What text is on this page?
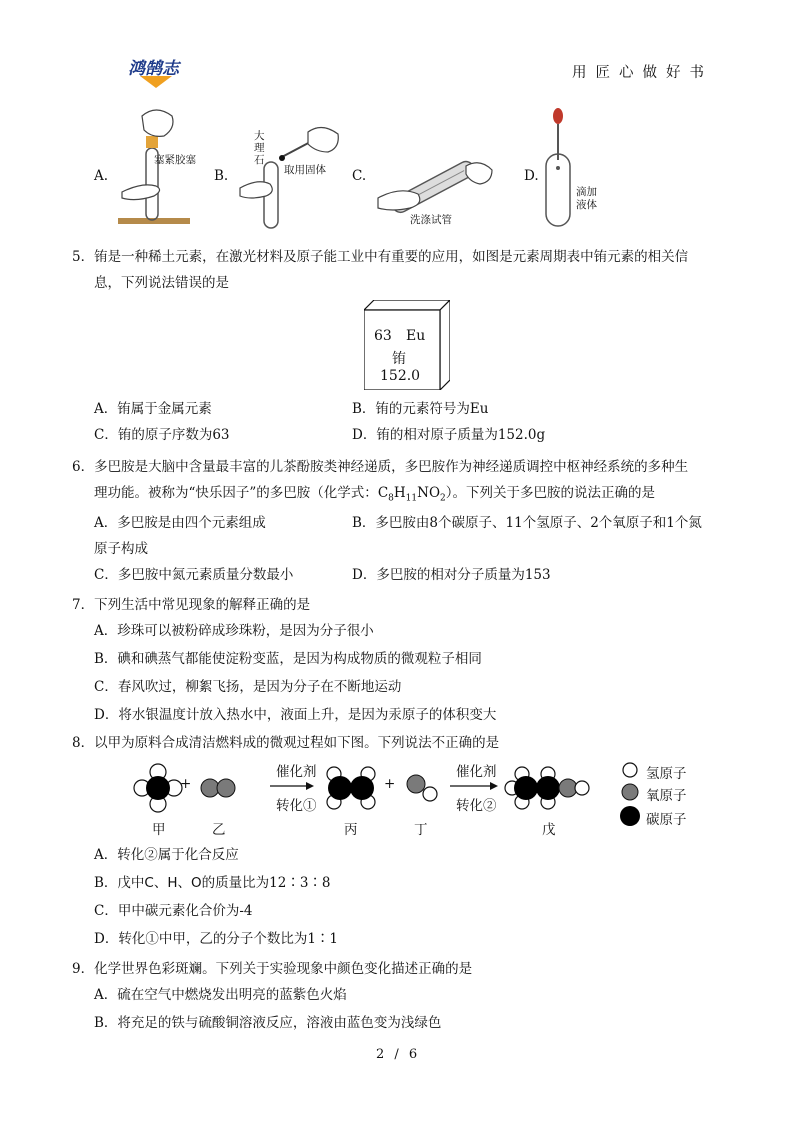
鸿鹄志	用匠心做好书
A.
塞紧胶塞
B.
大理石
取用固体 C.
洗涤试管
D.
滴加液体
5．铕是一种稀土元素，在激光材料及原子能工业中有重要的应用，如图是元素周期表中铕元素的相关信
息，下列说法错误的是
63 Eu
铕
152.0
A．铕属于金属元素	B．铕的元素符号为Eu
C．铕的原子序数为63	D．铕的相对原子质量为152.0g
6．多巴胺是大脑中含量最丰富的儿茶酚胺类神经递质，多巴胺作为神经递质调控中枢神经系统的多种生
理功能。被称为“快乐因子”的多巴胺（化学式：$C_8H_{11}NO_2$）。下列关于多巴胺的说法正确的是
A．多巴胺是由四个元素组成	B．多巴胺由8个碳原子、11个氢原子、2个氧原子和1个氮
原子构成
C．多巴胺中氮元素质量分数最小	D．多巴胺的相对分子质量为153
7．下列生活中常见现象的解释正确的是
A．珍珠可以被粉碎成珍珠粉，是因为分子很小
B．碘和碘蒸气都能使淀粉变蓝，是因为构成物质的微观粒子相同
C．春风吹过，柳絮飞扬，是因为分子在不断地运动
D．将水银温度计放入热水中，液面上升，是因为汞原子的体积变大
8．以甲为原料合成清洁燃料成的微观过程如下图。下列说法不正确的是
+	+
催化剂
转化①
催化剂
转化②
甲	乙	丙	丁	戊
氢原子
氧原子
碳原子
A．转化②属于化合反应
B．戊中C、H、O的质量比为12∶3∶8
C．甲中碳元素化合价为-4
D．转化①中甲，乙的分子个数比为1∶1
9．化学世界色彩斑斓。下列关于实验现象中颜色变化描述正确的是
A．硫在空气中燃烧发出明亮的蓝紫色火焰
B．将充足的铁与硫酸铜溶液反应，溶液由蓝色变为浅绿色
2 / 6
